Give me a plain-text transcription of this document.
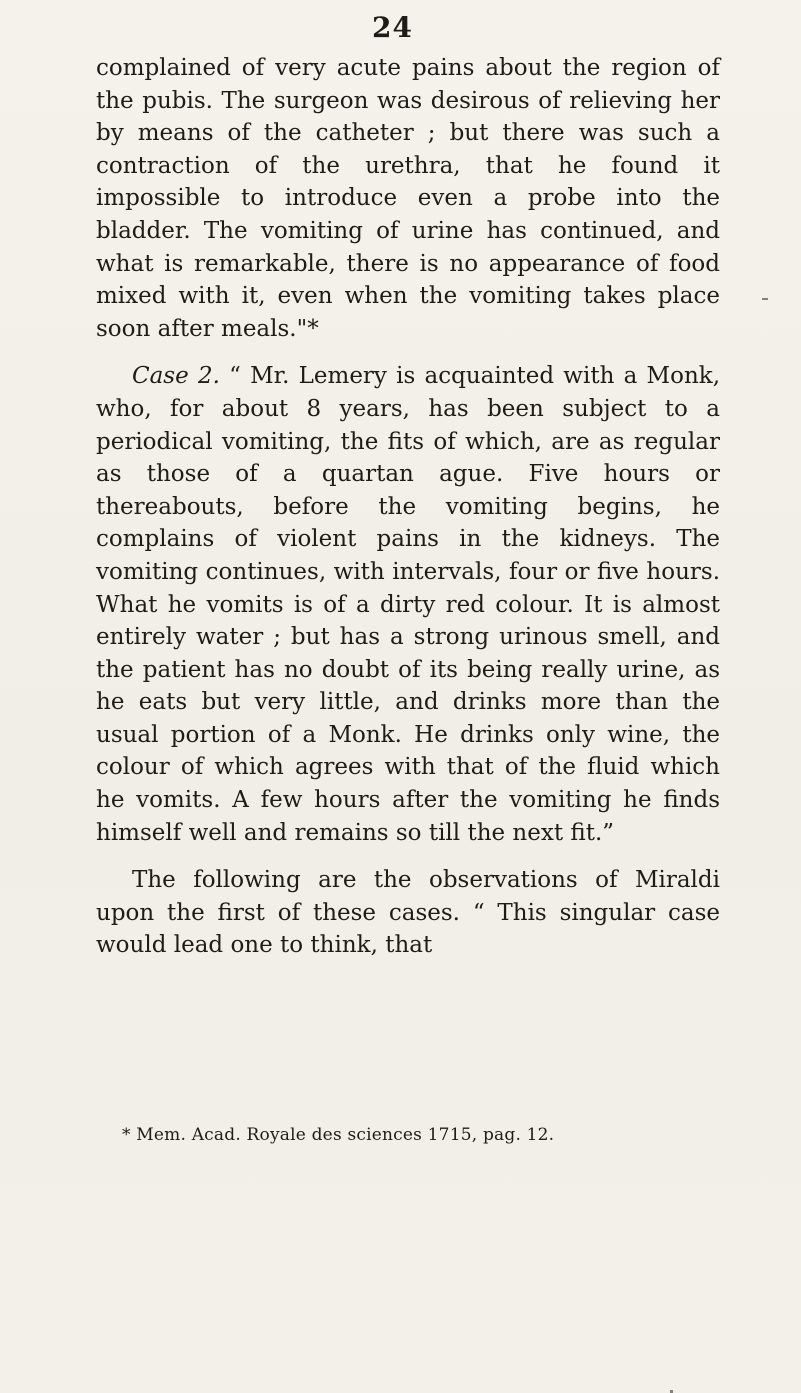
24

complained of very acute pains about the region of the pubis. The surgeon was desirous of relieving her by means of the catheter ; but there was such a contraction of the urethra, that he found it impossible to introduce even a probe into the bladder. The vomiting of urine has continued, and what is remarkable, there is no appearance of food mixed with it, even when the vomiting takes place soon after meals."*

Case 2. “ Mr. Lemery is acquainted with a Monk, who, for about 8 years, has been subject to a periodical vomiting, the fits of which, are as regular as those of a quartan ague. Five hours or thereabouts, before the vomiting begins, he complains of violent pains in the kidneys. The vomiting continues, with intervals, four or five hours. What he vomits is of a dirty red colour. It is almost entirely water ; but has a strong urinous smell, and the patient has no doubt of its being really urine, as he eats but very little, and drinks more than the usual portion of a Monk. He drinks only wine, the colour of which agrees with that of the fluid which he vomits. A few hours after the vomiting he finds himself well and remains so till the next fit.”

The following are the observations of Miraldi upon the first of these cases. “ This singular case would lead one to think, that

* Mem. Acad. Royale des sciences 1715, pag. 12.
